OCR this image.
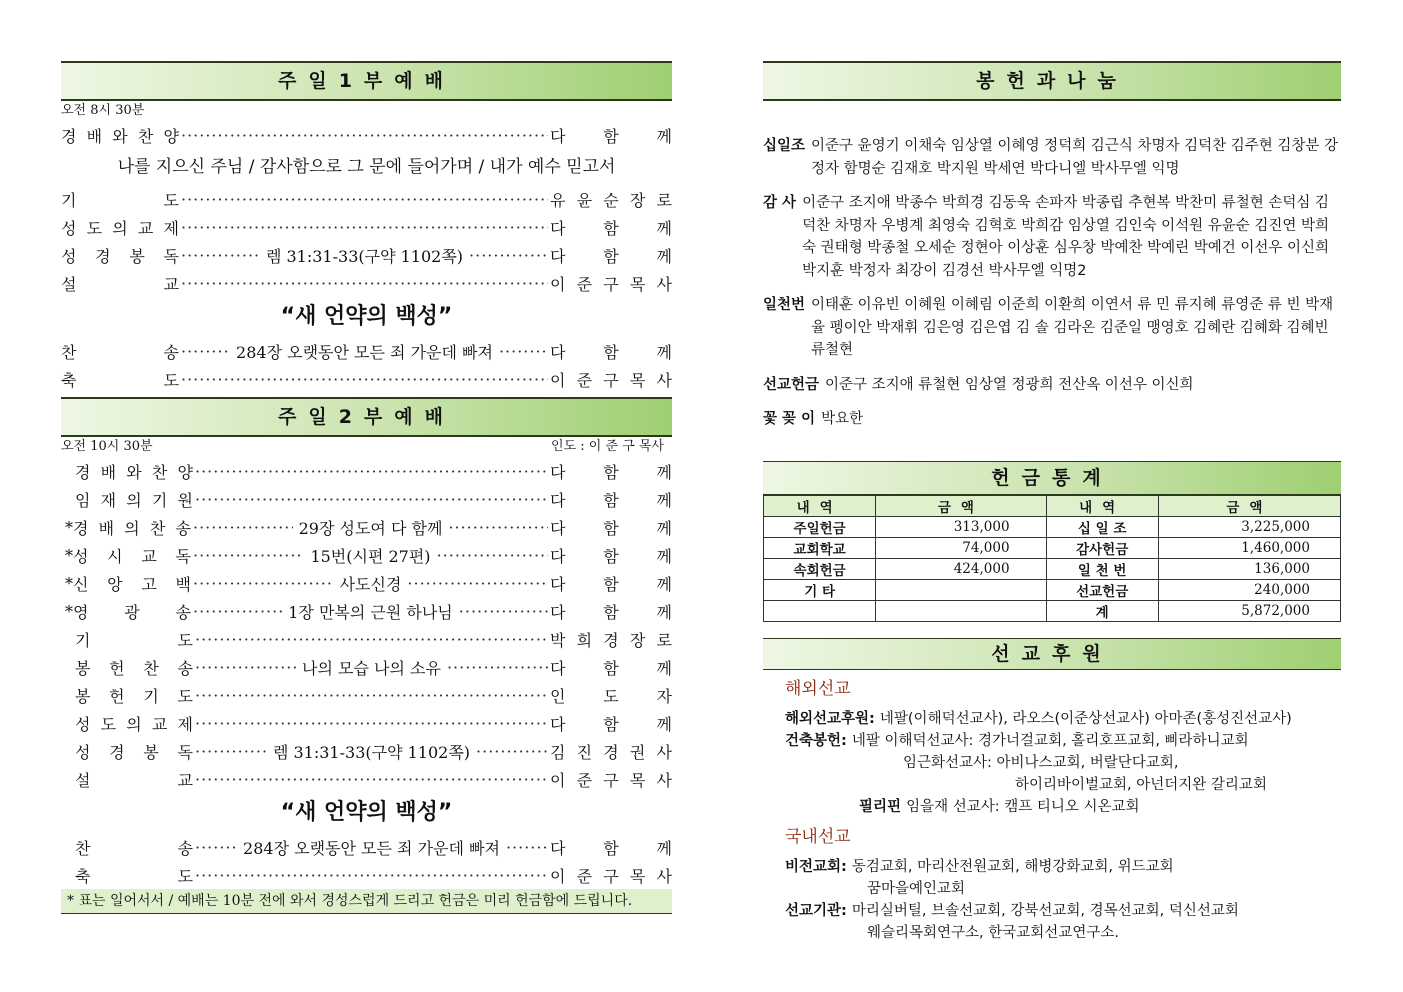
주일1부예배
오전 8시 30분
경 배 와 찬 양 ·····	다 함 께
나를 지으신 주님 / 감사함으로 그 문에 들어가며 / 내가 예수 믿고서
기	도 ·····	유 윤 순 장 로
성 도 의 교 제 ·····	다 함 께
성 경 봉 독 ·····	렘 31:31-33(구약 1102쪽) ·····	다 함 께
설	교 ·····	이 준 구 목 사
“새 언약의 백성”
찬	송 ·····	284장 오랫동안 모든 죄 가운데 빠져 ·····	다 함 께
축	도 ·····	이 준 구 목 사
주일2부예배
오전 10시 30분	인도 : 이 준 구 목사
경 배 와 찬 양 ·····	다 함 께
임 재 의 기 원 ·····	다 함 께
* 경 배 의 찬 송 ·····	29장 성도여 다 함께 ·····	다 함 께
* 성 시 교 독 ·····	15번(시편 27편) ·····	다 함 께
* 신 앙 고 백 ·····	사도신경 ·····	다 함 께
* 영 광 송 ·····	1장 만복의 근원 하나님 ·····	다 함 께
기	도 ·····	박 희 경 장 로
봉 헌 찬 송 ·····	나의 모습 나의 소유 ·····	다 함 께
봉 헌 기 도 ·····	인 도 자
성 도 의 교 제 ·····	다 함 께
성 경 봉 독 ·····	렘 31:31-33(구약 1102쪽) ·····	김 진 경 권 사
설	교 ·····	이 준 구 목 사
“새 언약의 백성”
찬	송 ·····	284장 오랫동안 모든 죄 가운데 빠져 ·····	다 함 께
축	도 ·····	이 준 구 목 사
* 표는 일어서서 / 예배는 10분 전에 와서 경성스럽게 드리고 헌금은 미리 헌금함에 드립니다.
봉헌과나눔
십일조 이준구 윤영기 이채숙 임상열 이혜영 정덕희 김근식 차명자 김덕찬 김주현 김창분 강정자 함명순 김재호 박지원 박세연 박다니엘 박사무엘 익명
감 사 이준구 조지애 박종수 박희경 김동욱 손파자 박종립 추현복 박찬미 류철현 손덕심 김덕찬 차명자 우병계 최영숙 김혁호 박희감 임상열 김인숙 이석원 유윤순 김진연 박희숙 권태형 박종철 오세순 정현아 이상훈 심우창 박예찬 박예린 박예건 이선우 이신희 박지훈 박정자 최강이 김경선 박사무엘 익명2
일천번 이태훈 이유빈 이혜원 이혜림 이준희 이환희 이연서 류 민 류지혜 류영준 류 빈 박재율 펭이안 박재휘 김은영 김은엽 김 솔 김라온 김준일 맹영호 김혜란 김혜화 김혜빈 류철현
선교헌금 이준구 조지애 류철현 임상열 정광희 전산옥 이선우 이신희
꽃 꽂 이 박요한
헌금통계
내역	금액	내역	금액
주일헌금	313,000	십 일 조	3,225,000
교회학교	74,000	감사헌금	1,460,000
속회헌금	424,000	일 천 번	136,000
기 타		선교헌금	240,000
		계	5,872,000
선교후원
해외선교
해외선교후원: 네팔(이해덕선교사), 라오스(이준상선교사) 아마존(홍성진선교사)
건축봉헌: 네팔 이해덕선교사: 경가너걸교회, 홀리호프교회, 삐라하니교회
임근화선교사: 아비나스교회, 버랄단다교회,
하이리바이벌교회, 아넌더지완 갈리교회
필리핀 임을재 선교사: 캠프 티니오 시온교회
국내선교
비전교회: 동검교회, 마리산전원교회, 해병강화교회, 위드교회
꿈마을예인교회
선교기관: 마리실버틸, 브솔선교회, 강북선교회, 경목선교회, 덕신선교회
웨슬리목회연구소, 한국교회선교연구소.
